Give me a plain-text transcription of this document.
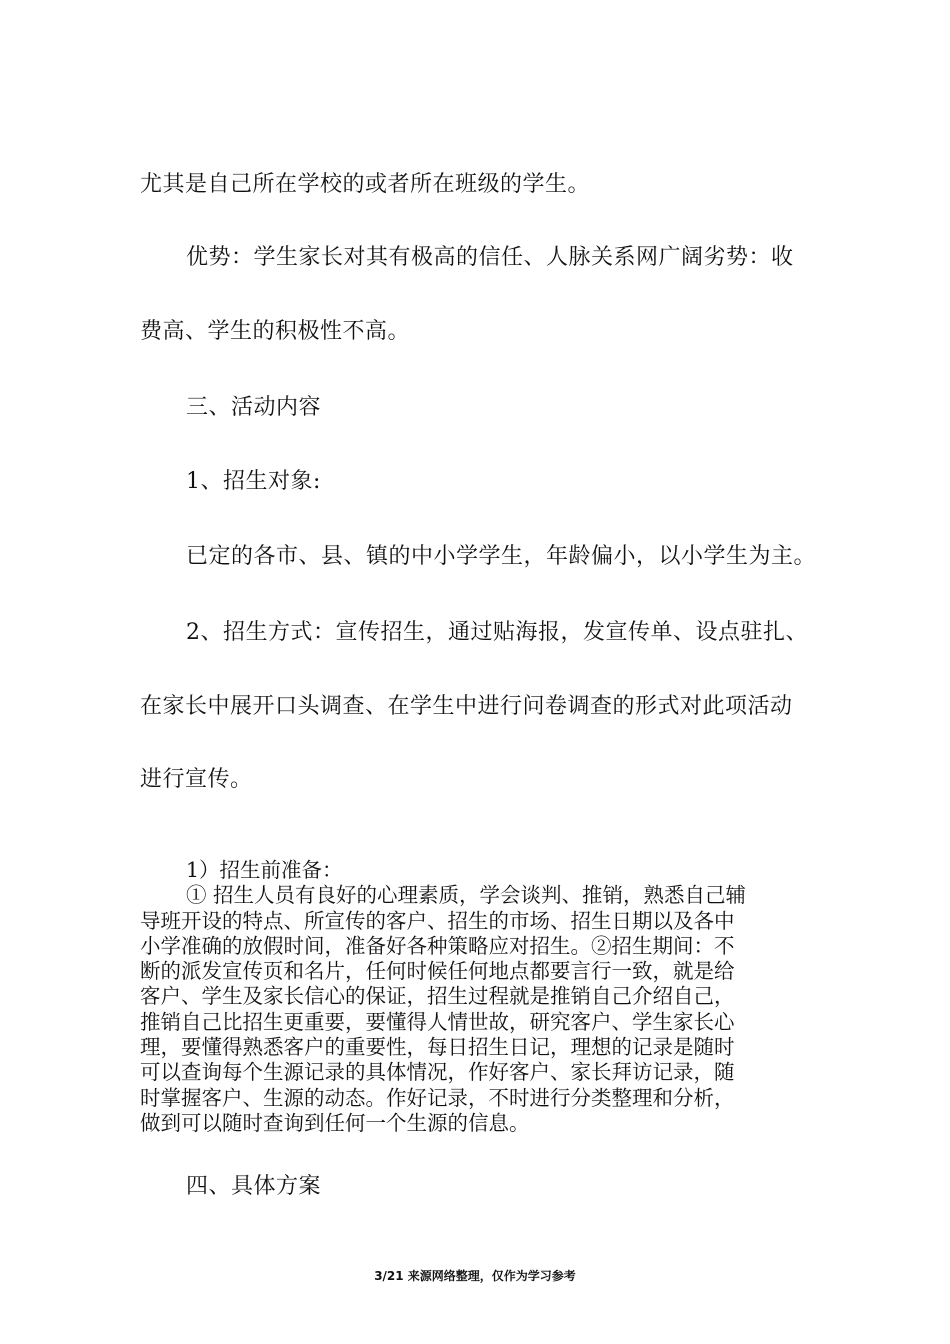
尤其是自己所在学校的或者所在班级的学生。
优势：学生家长对其有极高的信任、人脉关系网广阔劣势：收
费高、学生的积极性不高。
三、活动内容
1、招生对象:
已定的各市、县、镇的中小学学生，年龄偏小，以小学生为主。
2、招生方式：宣传招生，通过贴海报，发宣传单、设点驻扎、
在家长中展开口头调查、在学生中进行问卷调查的形式对此项活动
进行宣传。
1）招生前准备：
① 招生人员有良好的心理素质，学会谈判、推销，熟悉自己辅
导班开设的特点、所宣传的客户、招生的市场、招生日期以及各中
小学准确的放假时间，准备好各种策略应对招生。②招生期间：不
断的派发宣传页和名片，任何时候任何地点都要言行一致，就是给
客户、学生及家长信心的保证，招生过程就是推销自己介绍自己，
推销自己比招生更重要，要懂得人情世故，研究客户、学生家长心
理，要懂得熟悉客户的重要性，每日招生日记，理想的记录是随时
可以查询每个生源记录的具体情况，作好客户、家长拜访记录，随
时掌握客户、生源的动态。作好记录，不时进行分类整理和分析，
做到可以随时查询到任何一个生源的信息。
四、具体方案
3/21 来源网络整理，仅作为学习参考
